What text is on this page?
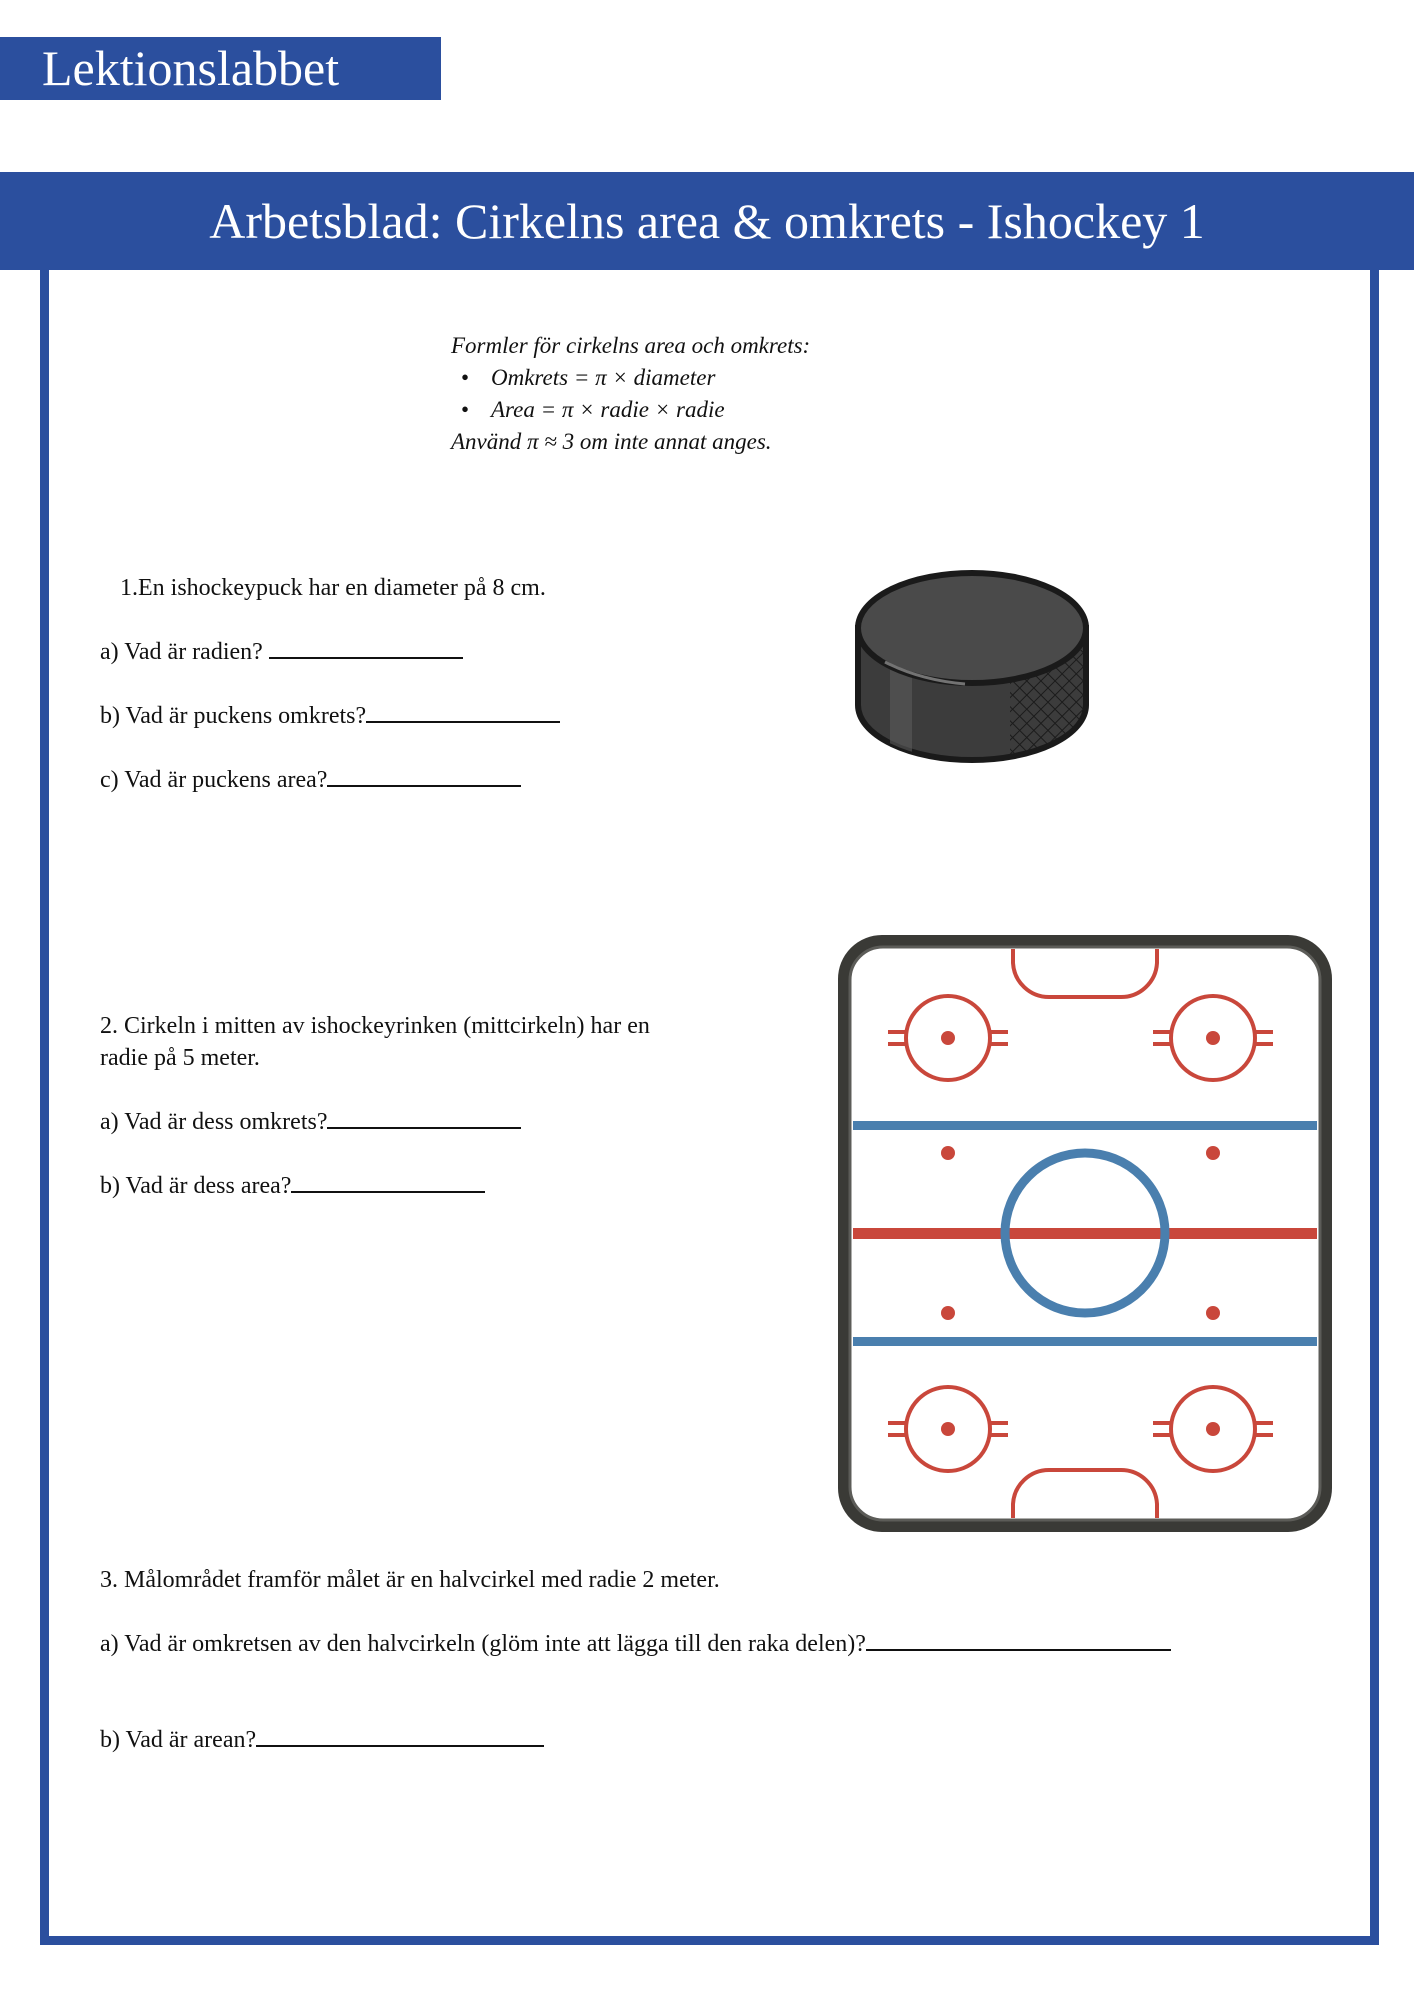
Lektionslabbet
Arbetsblad: Cirkelns area & omkrets - Ishockey 1
Formler för cirkelns area och omkrets:
• Omkrets = π × diameter
• Area = π × radie × radie
Använd π ≈ 3 om inte annat anges.
1.En ishockeypuck har en diameter på 8 cm.
a) Vad är radien?
b) Vad är puckens omkrets?
c) Vad är puckens area?
2. Cirkeln i mitten av ishockeyrinken (mittcirkeln) har en
radie på 5 meter.
a) Vad är dess omkrets?
b) Vad är dess area?
3. Målområdet framför målet är en halvcirkel med radie 2 meter.
a) Vad är omkretsen av den halvcirkeln (glöm inte att lägga till den raka delen)?
b) Vad är arean?
